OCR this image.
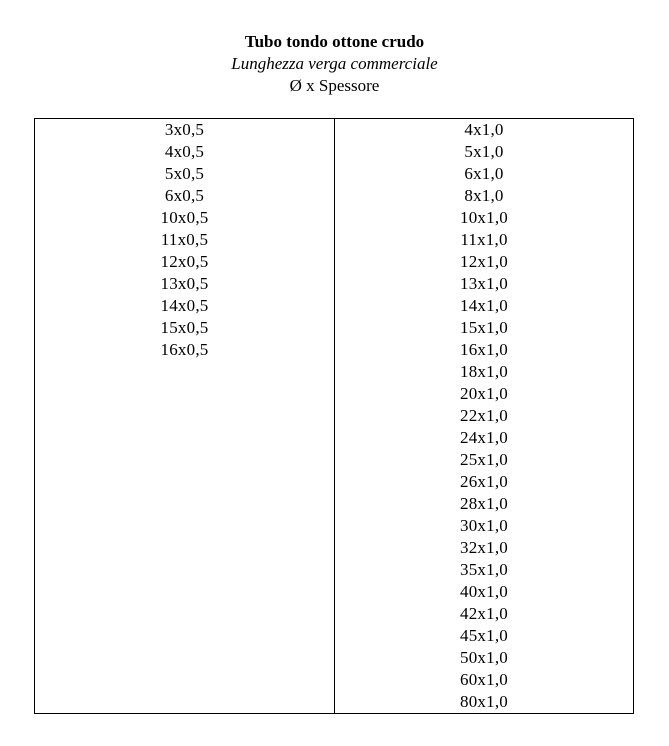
Tubo tondo ottone crudo
Lunghezza verga commerciale
Ø x Spessore
3x0,5
4x0,5
5x0,5
6x0,5
10x0,5
11x0,5
12x0,5
13x0,5
14x0,5
15x0,5
16x0,5
4x1,0
5x1,0
6x1,0
8x1,0
10x1,0
11x1,0
12x1,0
13x1,0
14x1,0
15x1,0
16x1,0
18x1,0
20x1,0
22x1,0
24x1,0
25x1,0
26x1,0
28x1,0
30x1,0
32x1,0
35x1,0
40x1,0
42x1,0
45x1,0
50x1,0
60x1,0
80x1,0
